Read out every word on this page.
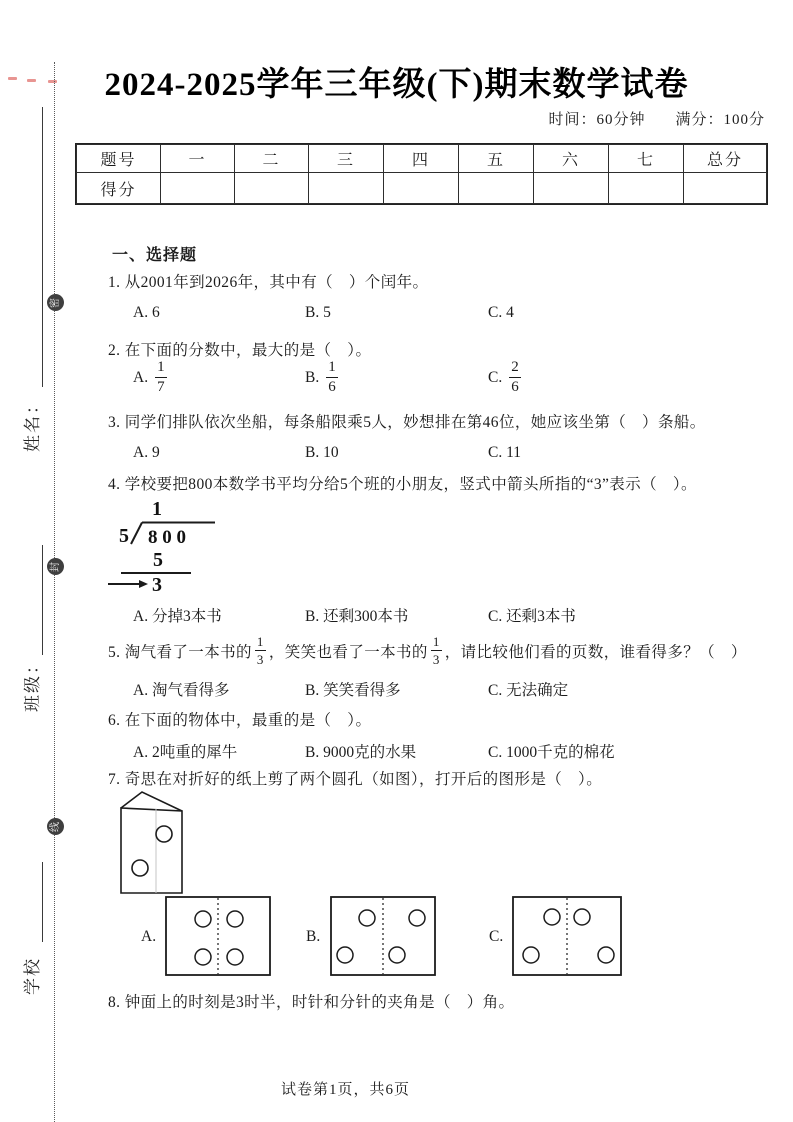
密
封
线
学校
班级：
姓名：
2024-2025学年三年级(下)期末数学试卷
时间：60分钟 满分：100分
题号	一	二	三	四	五	六	七	总分
得分								
一、选择题
1. 从2001年到2026年，其中有（　）个闰年。
A. 6	B. 5	C. 4
2. 在下面的分数中，最大的是（　）。
A. $\frac{1}{7}$	B. $\frac{1}{6}$	C. $\frac{2}{6}$
3. 同学们排队依次坐船，每条船限乘5人，妙想排在第46位，她应该坐第（　）条船。
A. 9	B. 10	C. 11
4. 学校要把800本数学书平均分给5个班的小朋友，竖式中箭头所指的“3”表示（　）。
1
5 8 0 0
5
3
A. 分掉3本书	B. 还剩300本书	C. 还剩3本书
5. 淘气看了一本书的 $\frac{1}{3}$ ，笑笑也看了一本书的 $\frac{1}{3}$ ，请比较他们看的页数，谁看得多？（　）
A. 淘气看得多	B. 笑笑看得多	C. 无法确定
6. 在下面的物体中，最重的是（　）。
A. 2吨重的犀牛	B. 9000克的水果	C. 1000千克的棉花
7. 奇思在对折好的纸上剪了两个圆孔（如图），打开后的图形是（　）。
A.	B.	C.
8. 钟面上的时刻是3时半，时针和分针的夹角是（　）角。
试卷第1页，共6页
